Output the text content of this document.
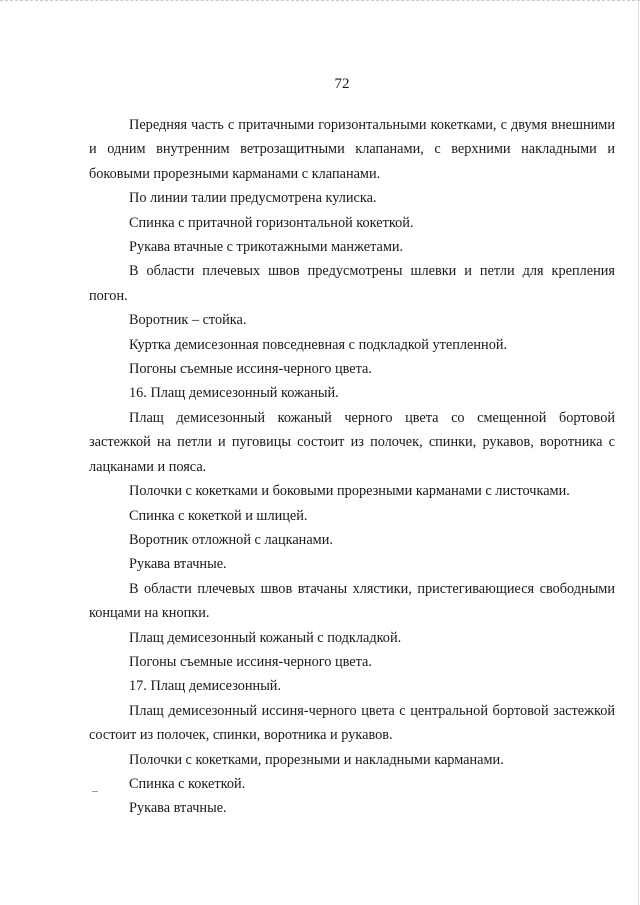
72

Передняя часть с притачными горизонтальными кокетками, с двумя внешними и одним внутренним ветрозащитными клапанами, с верхними накладными и боковыми прорезными карманами с клапанами.

По линии талии предусмотрена кулиска.

Спинка с притачной горизонтальной кокеткой.

Рукава втачные с трикотажными манжетами.

В области плечевых швов предусмотрены шлевки и петли для крепления погон.

Воротник – стойка.

Куртка демисезонная повседневная с подкладкой утепленной.

Погоны съемные иссиня-черного цвета.

16. Плащ демисезонный кожаный.

Плащ демисезонный кожаный черного цвета со смещенной бортовой застежкой на петли и пуговицы состоит из полочек, спинки, рукавов, воротника с лацканами и пояса.

Полочки с кокетками и боковыми прорезными карманами с листочками.

Спинка с кокеткой и шлицей.

Воротник отложной с лацканами.

Рукава втачные.

В области плечевых швов втачаны хлястики, пристегивающиеся свободными концами на кнопки.

Плащ демисезонный кожаный с подкладкой.

Погоны съемные иссиня-черного цвета.

17. Плащ демисезонный.

Плащ демисезонный иссиня-черного цвета с центральной бортовой застежкой состоит из полочек, спинки, воротника и рукавов.

Полочки с кокетками, прорезными и накладными карманами.

Спинка с кокеткой.

Рукава втачные.
